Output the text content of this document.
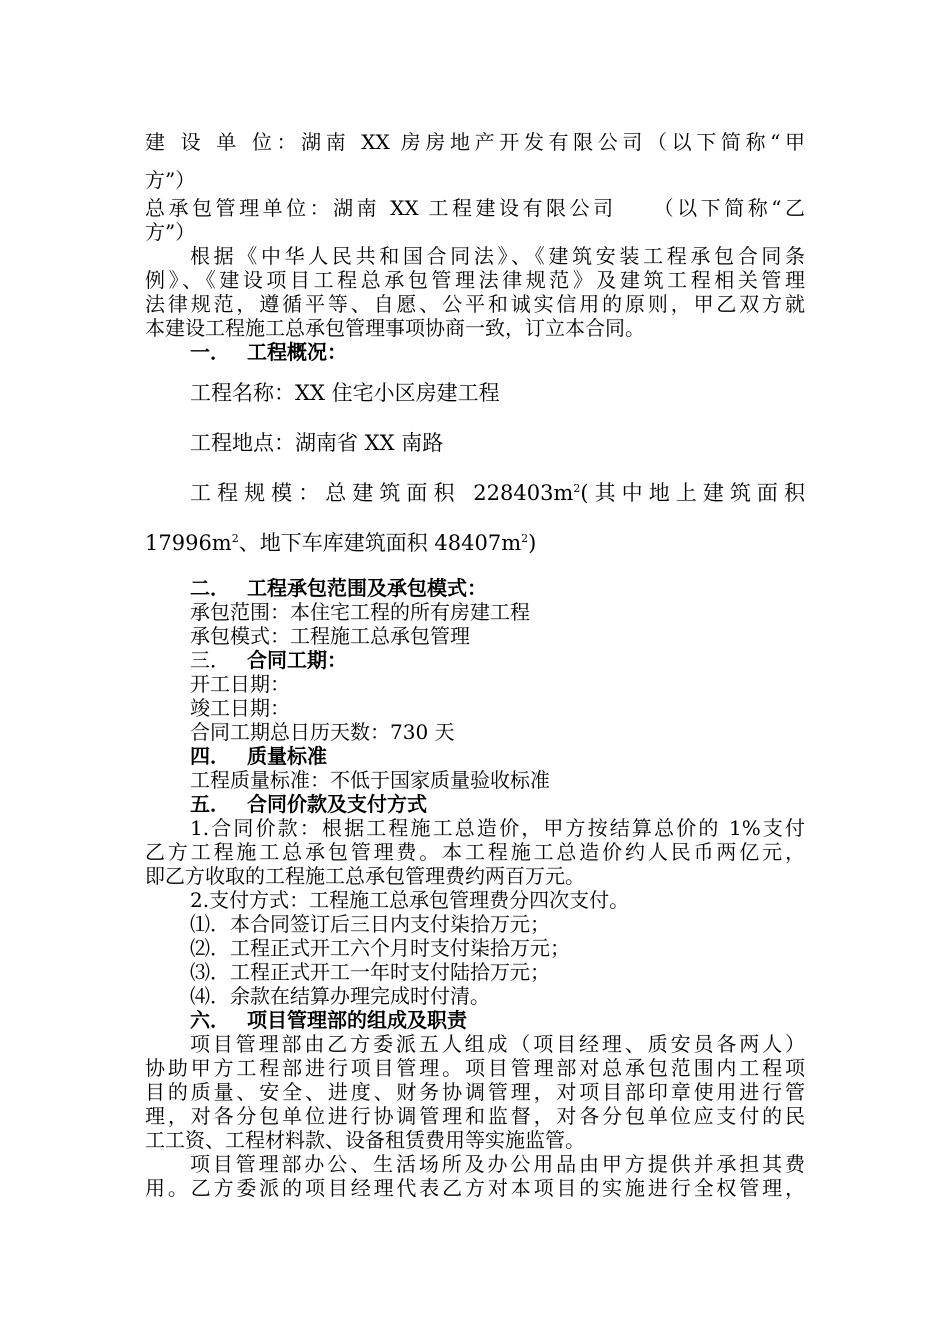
建 设 单 位：湖南 XX 房房地产开发有限公司（以下简称“甲
方”）
总承包管理单位：湖南 XX 工程建设有限公司　　（以下简称“乙
方”）
根据《中华人民共和国合同法》、《建筑安装工程承包合同条
例》、《建设项目工程总承包管理法律规范》及建筑工程相关管理
法律规范，遵循平等、自愿、公平和诚实信用的原则，甲乙双方就
本建设工程施工总承包管理事项协商一致，订立本合同。
一． 工程概况：
工程名称：XX 住宅小区房建工程
工程地点：湖南省 XX 南路
工程规模：总建筑面积 $228403m^2$(其中地上建筑面积
$17996m^2$、地下车库建筑面积 $48407m^2$)
二． 工程承包范围及承包模式：
承包范围：本住宅工程的所有房建工程
承包模式：工程施工总承包管理
三． 合同工期：
开工日期：
竣工日期：
合同工期总日历天数：730 天
四． 质量标准
工程质量标准：不低于国家质量验收标准
五． 合同价款及支付方式
1.合同价款：根据工程施工总造价，甲方按结算总价的 1%支付
乙方工程施工总承包管理费。本工程施工总造价约人民币两亿元，
即乙方收取的工程施工总承包管理费约两百万元。
2.支付方式：工程施工总承包管理费分四次支付。
⑴．本合同签订后三日内支付柒拾万元；
⑵．工程正式开工六个月时支付柒拾万元；
⑶．工程正式开工一年时支付陆拾万元；
⑷．余款在结算办理完成时付清。
六． 项目管理部的组成及职责
项目管理部由乙方委派五人组成（项目经理、质安员各两人）
协助甲方工程部进行项目管理。项目管理部对总承包范围内工程项
目的质量、安全、进度、财务协调管理，对项目部印章使用进行管
理，对各分包单位进行协调管理和监督，对各分包单位应支付的民
工工资、工程材料款、设备租赁费用等实施监管。
项目管理部办公、生活场所及办公用品由甲方提供并承担其费
用。乙方委派的项目经理代表乙方对本项目的实施进行全权管理，
